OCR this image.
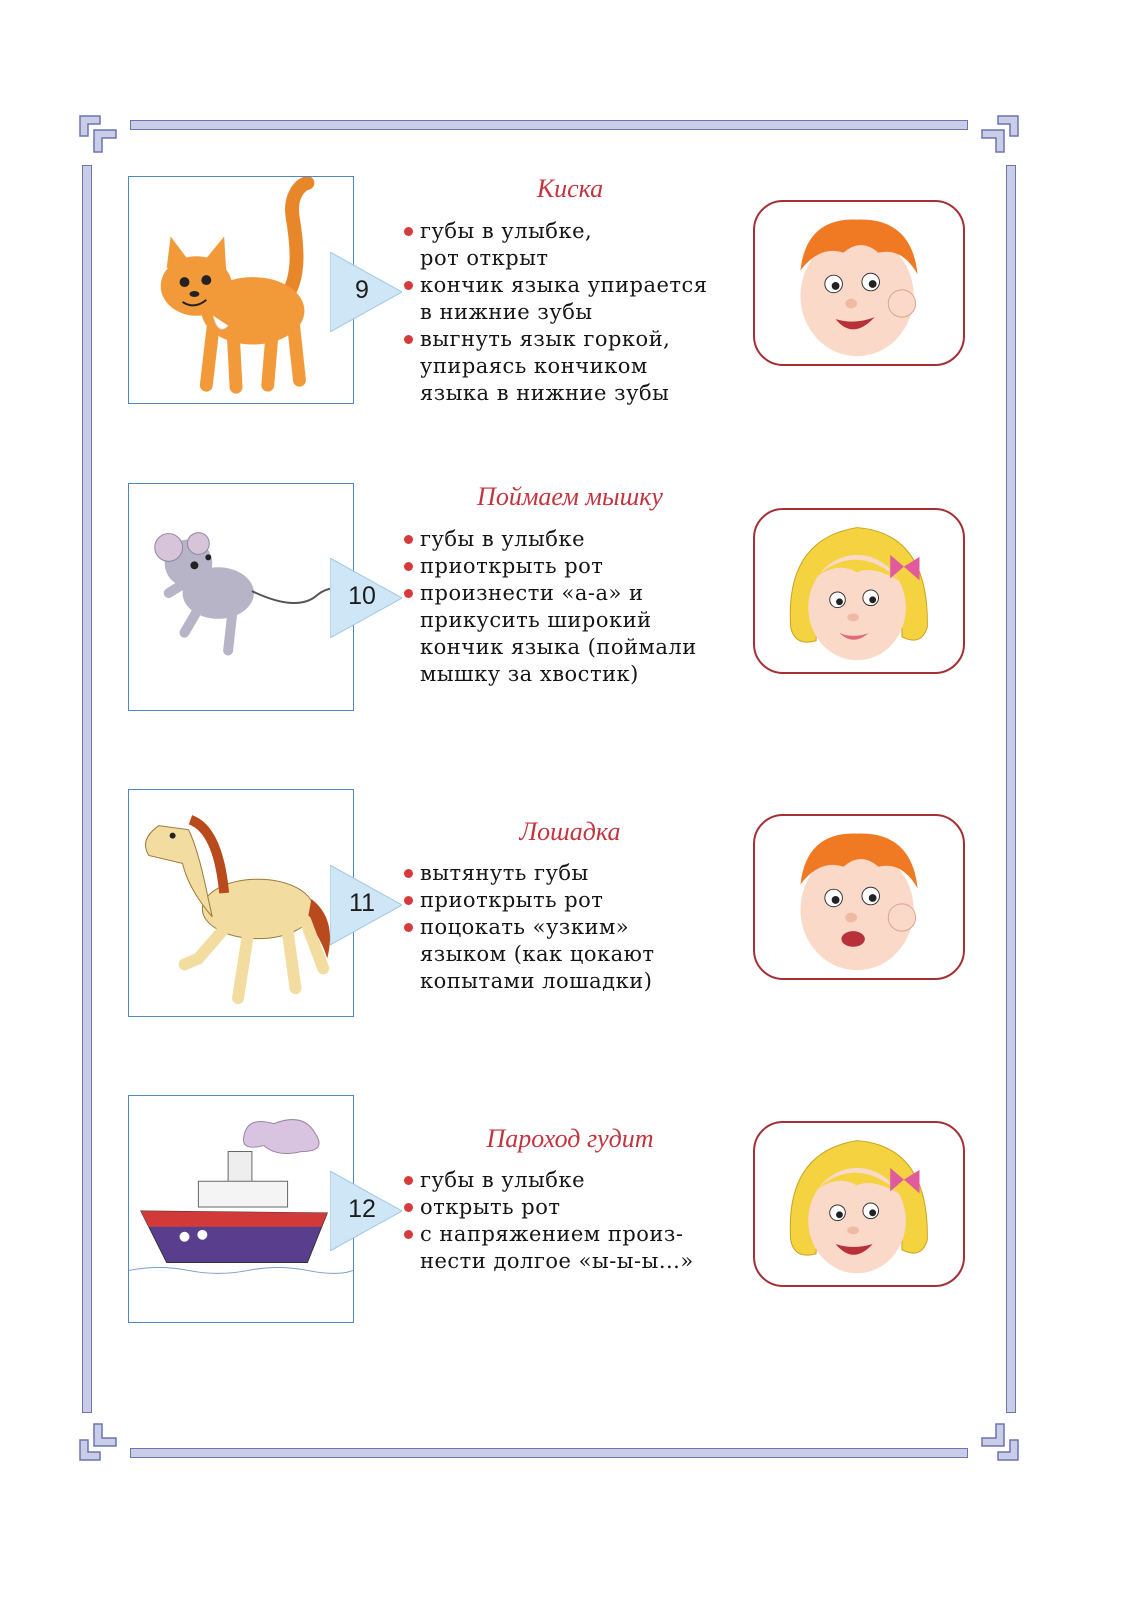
9
Киска
губы в улыбке,
рот открыт
кончик языка упирается
в нижние зубы
выгнуть язык горкой,
упираясь кончиком
языка в нижние зубы
10
Поймаем мышку
губы в улыбке
приоткрыть рот
произнести «а-а» и
прикусить широкий
кончик языка (поймали
мышку за хвостик)
11
Лошадка
вытянуть губы
приоткрыть рот
поцокать «узким»
языком (как цокают
копытами лошадки)
12
Пароход гудит
губы в улыбке
открыть рот
с напряжением произ-
нести долгое «ы-ы-ы...»
